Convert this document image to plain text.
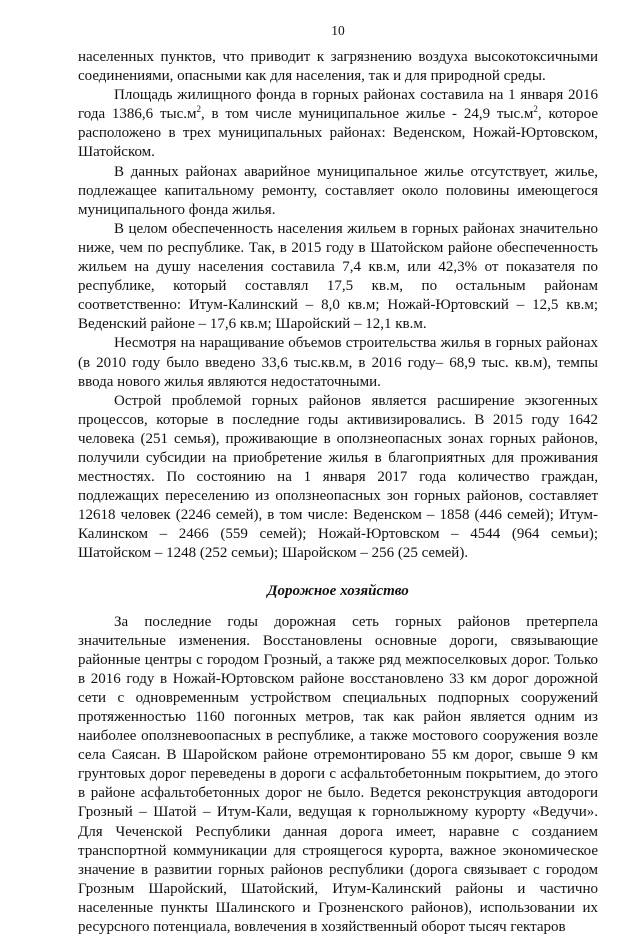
10

населенных пунктов, что приводит к загрязнению воздуха высокотоксичными соединениями, опасными как для населения, так и для природной среды.

Площадь жилищного фонда в горных районах составила на 1 января 2016 года 1386,6 $тыс.м^2$, в том числе муниципальное жилье - 24,9 $тыс.м^2$, которое расположено в трех муниципальных районах: Веденском, Ножай-Юртовском, Шатойском.

В данных районах аварийное муниципальное жилье отсутствует, жилье, подлежащее капитальному ремонту, составляет около половины имеющегося муниципального фонда жилья.

В целом обеспеченность населения жильем в горных районах значительно ниже, чем по республике. Так, в 2015 году в Шатойском районе обеспеченность жильем на душу населения составила 7,4 кв.м, или 42,3% от показателя по республике, который составлял 17,5 кв.м, по остальным районам соответственно: Итум-Калинский – 8,0 кв.м; Ножай-Юртовский – 12,5 кв.м; Веденский районе – 17,6 кв.м; Шаройский – 12,1 кв.м.

Несмотря на наращивание объемов строительства жилья в горных районах (в 2010 году было введено 33,6 тыс.кв.м, в 2016 году– 68,9 тыс. кв.м), темпы ввода нового жилья являются недостаточными.

Острой проблемой горных районов является расширение экзогенных процессов, которые в последние годы активизировались. В 2015 году 1642 человека (251 семья), проживающие в оползнеопасных зонах горных районов, получили субсидии на приобретение жилья в благоприятных для проживания местностях. По состоянию на 1 января 2017 года количество граждан, подлежащих переселению из оползнеопасных зон горных районов, составляет 12618 человек (2246 семей), в том числе: Веденском – 1858 (446 семей); Итум-Калинском – 2466 (559 семей); Ножай-Юртовском – 4544 (964 семьи); Шатойском – 1248 (252 семьи); Шаройском – 256 (25 семей).

Дорожное хозяйство

За последние годы дорожная сеть горных районов претерпела значительные изменения. Восстановлены основные дороги, связывающие районные центры с городом Грозный, а также ряд межпоселковых дорог. Только в 2016 году в Ножай-Юртовском районе восстановлено 33 км дорог дорожной сети с одновременным устройством специальных подпорных сооружений протяженностью 1160 погонных метров, так как район является одним из наиболее оползневоопасных в республике, а также мостового сооружения возле села Саясан. В Шаройском районе отремонтировано 55 км дорог, свыше 9 км грунтовых дорог переведены в дороги с асфальтобетонным покрытием, до этого в районе асфальтобетонных дорог не было. Ведется реконструкция автодороги Грозный – Шатой – Итум-Кали, ведущая к горнолыжному курорту «Ведучи». Для Чеченской Республики данная дорога имеет, наравне с созданием транспортной коммуникации для строящегося курорта, важное экономическое значение в развитии горных районов республики (дорога связывает с городом Грозным Шаройский, Шатойский, Итум-Калинский районы и частично населенные пункты Шалинского и Грозненского районов), использовании их ресурсного потенциала, вовлечения в хозяйственный оборот тысяч гектаров
